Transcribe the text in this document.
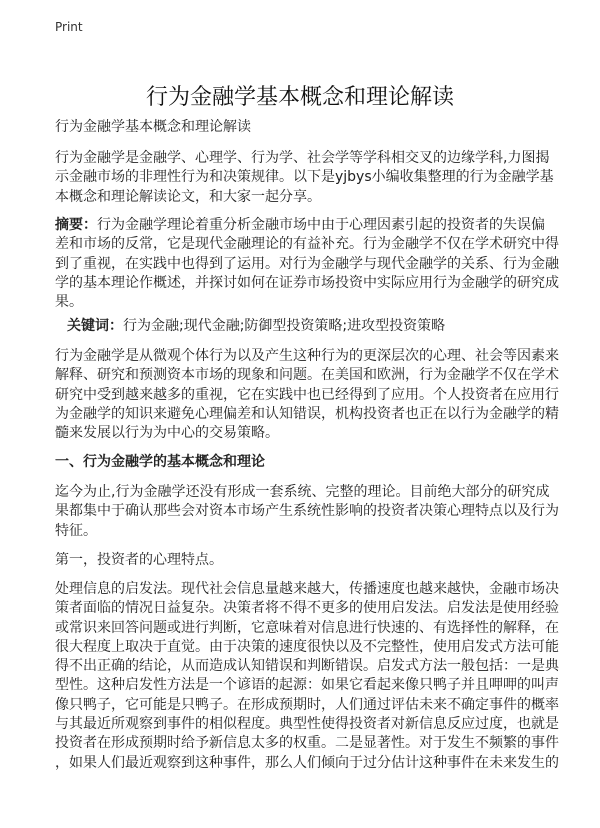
Print
行为金融学基本概念和理论解读
行为金融学基本概念和理论解读
行为金融学是金融学、心理学、行为学、社会学等学科相交叉的边缘学科,力图揭
示金融市场的非理性行为和决策规律。以下是yjbys小编收集整理的行为金融学基
本概念和理论解读论文，和大家一起分享。
摘要：行为金融学理论着重分析金融市场中由于心理因素引起的投资者的失误偏
差和市场的反常，它是现代金融理论的有益补充。行为金融学不仅在学术研究中得
到了重视，在实践中也得到了运用。对行为金融学与现代金融学的关系、行为金融
学的基本理论作概述，并探讨如何在证券市场投资中实际应用行为金融学的研究成
果。
关键词：行为金融;现代金融;防御型投资策略;进攻型投资策略
行为金融学是从微观个体行为以及产生这种行为的更深层次的心理、社会等因素来
解释、研究和预测资本市场的现象和问题。在美国和欧洲，行为金融学不仅在学术
研究中受到越来越多的重视，它在实践中也已经得到了应用。个人投资者在应用行
为金融学的知识来避免心理偏差和认知错误，机构投资者也正在以行为金融学的精
髓来发展以行为为中心的交易策略。
一、行为金融学的基本概念和理论
迄今为止,行为金融学还没有形成一套系统、完整的理论。目前绝大部分的研究成
果都集中于确认那些会对资本市场产生系统性影响的投资者决策心理特点以及行为
特征。
第一，投资者的心理特点。
处理信息的启发法。现代社会信息量越来越大，传播速度也越来越快，金融市场决
策者面临的情况日益复杂。决策者将不得不更多的使用启发法。启发法是使用经验
或常识来回答问题或进行判断，它意味着对信息进行快速的、有选择性的解释，在
很大程度上取决于直觉。由于决策的速度很快以及不完整性，使用启发式方法可能
得不出正确的结论，从而造成认知错误和判断错误。启发式方法一般包括：一是典
型性。这种启发性方法是一个谚语的起源：如果它看起来像只鸭子并且呷呷的叫声
像只鸭子，它可能是只鸭子。在形成预期时，人们通过评估未来不确定事件的概率
与其最近所观察到事件的相似程度。典型性使得投资者对新信息反应过度，也就是
投资者在形成预期时给予新信息太多的权重。二是显著性。对于发生不频繁的事件
，如果人们最近观察到这种事件，那么人们倾向于过分估计这种事件在未来发生的
